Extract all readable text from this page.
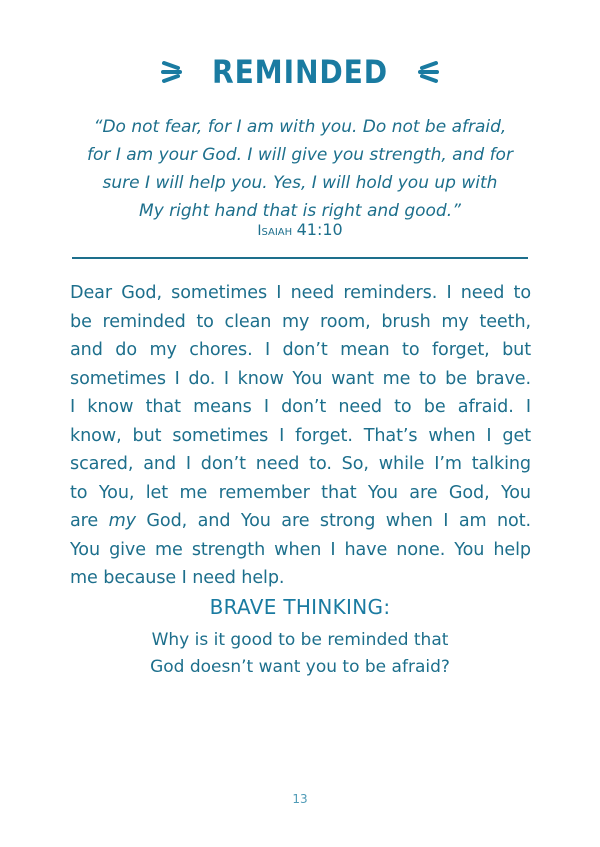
REMINDED
“Do not fear, for I am with you. Do not be afraid,
for I am your God. I will give you strength, and for
sure I will help you. Yes, I will hold you up with
My right hand that is right and good.”
Isaiah 41:10
Dear God, sometimes I need reminders. I need to
be reminded to clean my room, brush my teeth,
and do my chores. I don’t mean to forget, but
sometimes I do. I know You want me to be brave.
I know that means I don’t need to be afraid. I
know, but sometimes I forget. That’s when I get
scared, and I don’t need to. So, while I’m talking
to You, let me remember that You are God, You
are my God, and You are strong when I am not.
You give me strength when I have none. You help
me because I need help.
BRAVE THINKING:
Why is it good to be reminded that
God doesn’t want you to be afraid?
13
